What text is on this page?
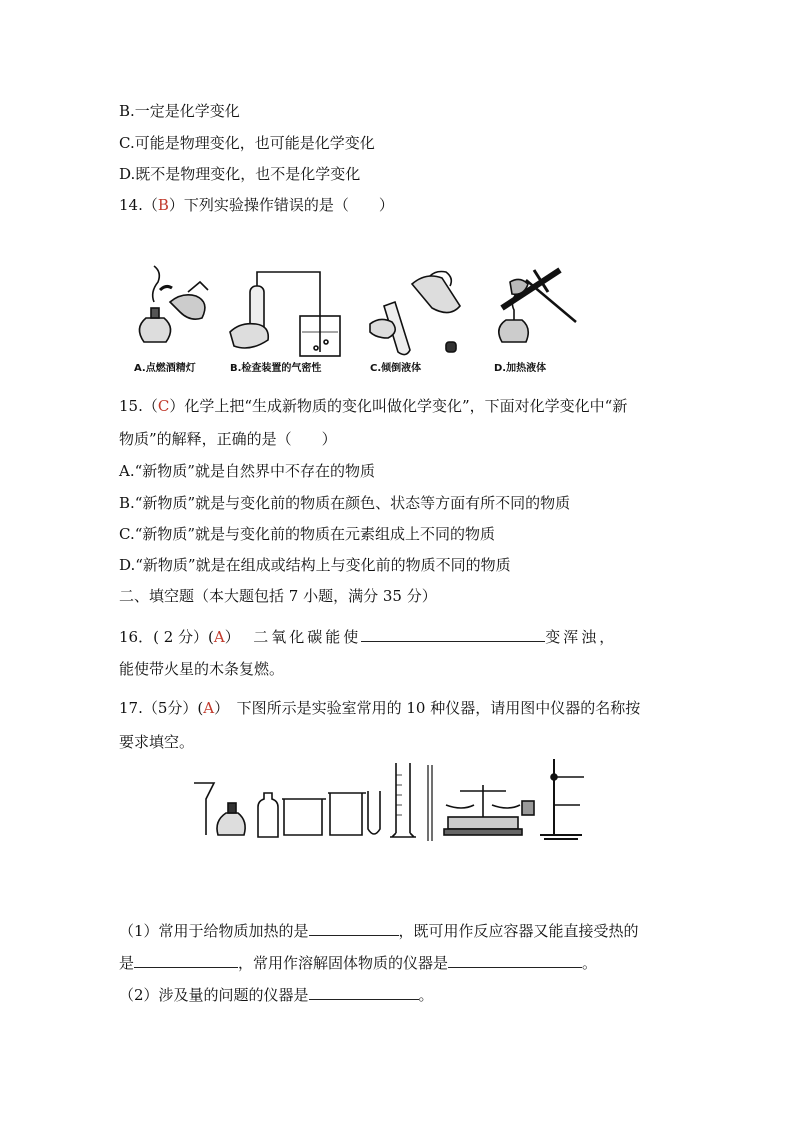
B.一定是化学变化
C.可能是物理变化，也可能是化学变化
D.既不是物理变化，也不是化学变化
14.（B）下列实验操作错误的是（　　）
A.点燃酒精灯	B.检查装置的气密性	C.倾倒液体	D.加热液体
15.（C）化学上把“生成新物质的变化叫做化学变化”，下面对化学变化中“新
物质”的解释，正确的是（　　）
A.“新物质”就是自然界中不存在的物质
B.“新物质”就是与变化前的物质在颜色、状态等方面有所不同的物质
C.“新物质”就是与变化前的物质在元素组成上不同的物质
D.“新物质”就是在组成或结构上与变化前的物质不同的物质
二、填空题（本大题包括 7 小题，满分 35 分）
16．( 2 分）(A）　二氧化碳能使	变浑浊，
能使带火星的木条复燃。
17.（5分）(A）　下图所示是实验室常用的 10 种仪器，请用图中仪器的名称按
要求填空。
（1）常用于给物质加热的是	，既可用作反应容器又能直接受热的
是	，常用作溶解固体物质的仪器是	。
（2）涉及量的问题的仪器是	。
